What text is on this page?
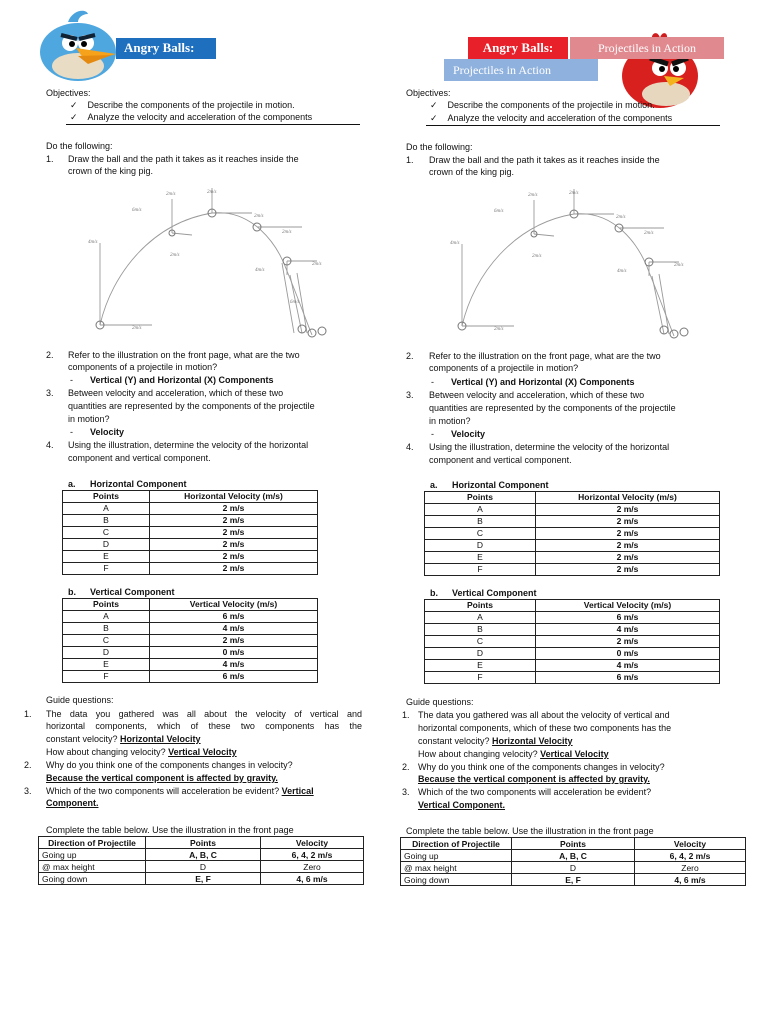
Angry Balls:
Objectives:
✓    Describe the components of the projectile in motion.
✓    Analyze the velocity and acceleration of the components
Do the following:
1. Draw the ball and the path it takes as it reaches inside the
crown of the king pig.
4m/s
2m/s
6m/s
2m/s
2m/s	2m/s
2m/s
2m/s
4m/s
2m/s
6m/s
2. Refer to the illustration on the front page, what are the two
components of a projectile in motion?
- Vertical (Y) and Horizontal (X) Components
3. Between velocity and acceleration, which of these two
quantities are represented by the components of the projectile
in motion?
- Velocity
4. Using the illustration, determine the velocity of the horizontal
component and vertical component.
a. Horizontal Component
Points	Horizontal Velocity (m/s)
A	2 m/s
B	2 m/s
C	2 m/s
D	2 m/s
E	2 m/s
F	2 m/s
b. Vertical Component
Points	Vertical Velocity (m/s)
A	6 m/s
B	4 m/s
C	2 m/s
D	0 m/s
E	4 m/s
F	6 m/s
Guide questions:
1. The data you gathered was all about the velocity of vertical and
horizontal components, which of these two components has the
constant velocity? Horizontal Velocity
How about changing velocity? Vertical Velocity
2. Why do you think one of the components changes in velocity?
Because the vertical component is affected by gravity.
3. Which of the two components will acceleration be evident? Vertical
Component.
Complete the table below. Use the illustration in the front page
Direction of Projectile	Points	Velocity
Going up	A, B, C	6, 4, 2 m/s
@ max height	D	Zero
Going down	E, F	4, 6 m/s
Angry Balls:	Projectiles in Action
Projectiles in Action
Objectives:
✓    Describe the components of the projectile in motion.
✓    Analyze the velocity and acceleration of the components
Do the following:
1. Draw the ball and the path it takes as it reaches inside the
crown of the king pig.
4m/s
2m/s
6m/s
2m/s
2m/s	2m/s
2m/s
2m/s
4m/s
2m/s
2. Refer to the illustration on the front page, what are the two
components of a projectile in motion?
- Vertical (Y) and Horizontal (X) Components
3. Between velocity and acceleration, which of these two
quantities are represented by the components of the projectile
in motion?
- Velocity
4. Using the illustration, determine the velocity of the horizontal
component and vertical component.
a. Horizontal Component
Points	Horizontal Velocity (m/s)
A	2 m/s
B	2 m/s
C	2 m/s
D	2 m/s
E	2 m/s
F	2 m/s
b. Vertical Component
Points	Vertical Velocity (m/s)
A	6 m/s
B	4 m/s
C	2 m/s
D	0 m/s
E	4 m/s
F	6 m/s
Guide questions:
1. The data you gathered was all about the velocity of vertical and
horizontal components, which of these two components has the
constant velocity? Horizontal Velocity
How about changing velocity? Vertical Velocity
2. Why do you think one of the components changes in velocity?
Because the vertical component is affected by gravity.
3. Which of the two components will acceleration be evident?
Vertical Component.
Complete the table below. Use the illustration in the front page
Direction of Projectile	Points	Velocity
Going up	A, B, C	6, 4, 2 m/s
@ max height	D	Zero
Going down	E, F	4, 6 m/s
